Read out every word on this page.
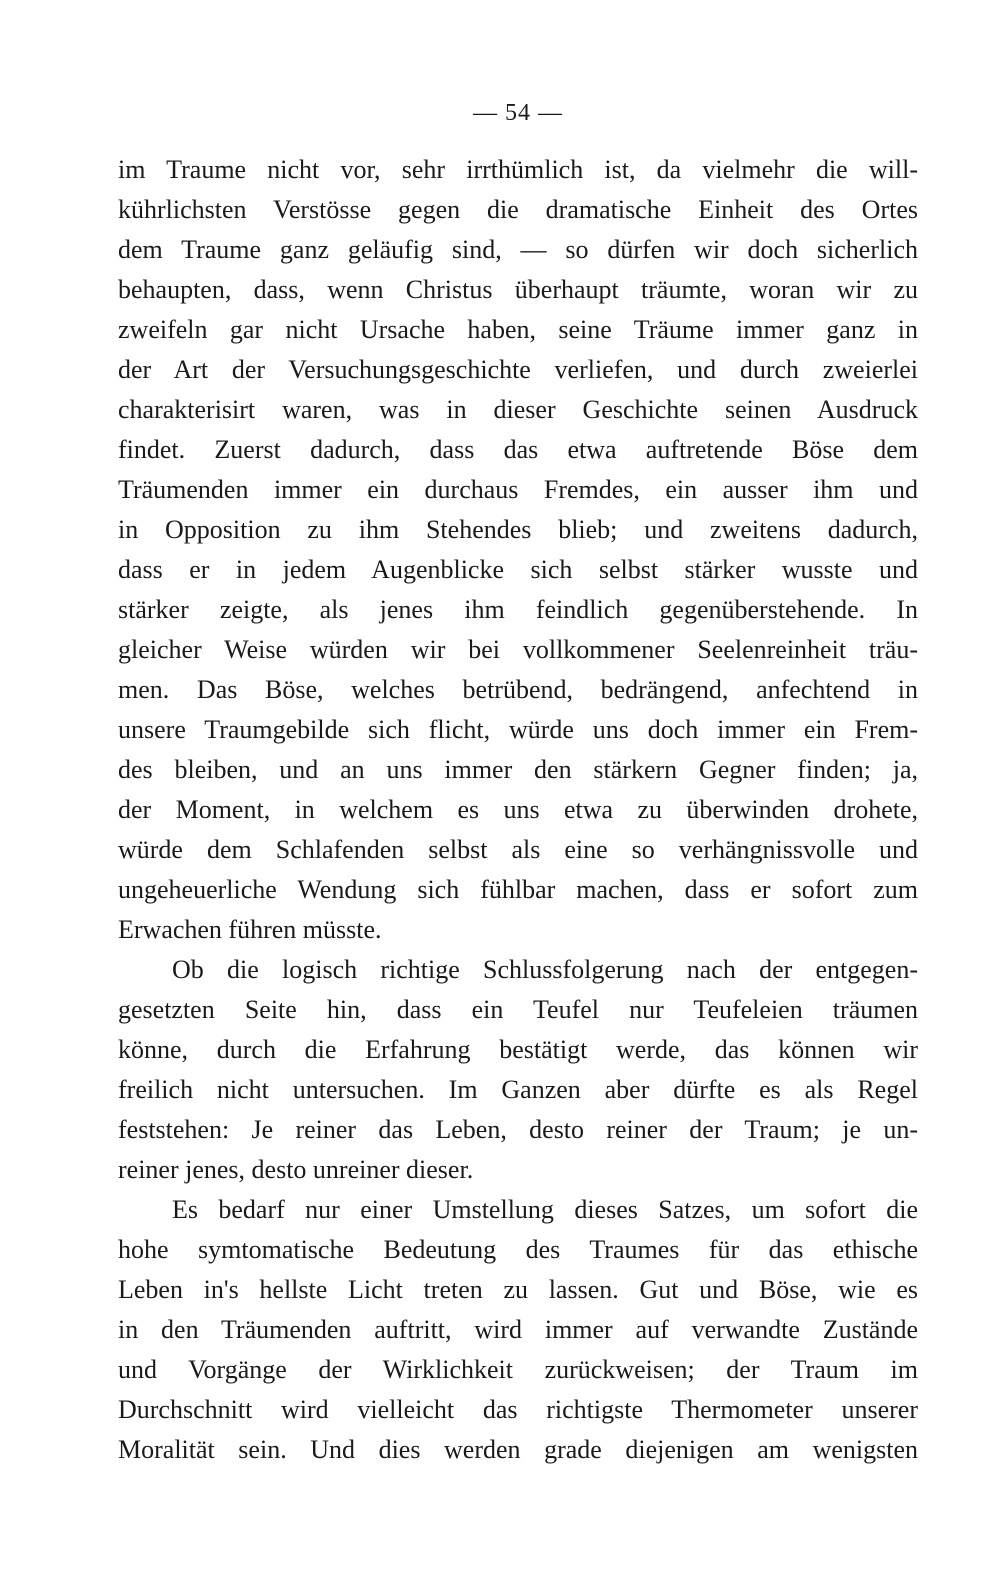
— 54 —
im Traume nicht vor, sehr irrthümlich ist, da vielmehr die will-
kührlichsten Verstösse gegen die dramatische Einheit des Ortes
dem Traume ganz geläufig sind, — so dürfen wir doch sicherlich
behaupten, dass, wenn Christus überhaupt träumte, woran wir zu
zweifeln gar nicht Ursache haben, seine Träume immer ganz in
der Art der Versuchungsgeschichte verliefen, und durch zweierlei
charakterisirt waren, was in dieser Geschichte seinen Ausdruck
findet. Zuerst dadurch, dass das etwa auftretende Böse dem
Träumenden immer ein durchaus Fremdes, ein ausser ihm und
in Opposition zu ihm Stehendes blieb; und zweitens dadurch,
dass er in jedem Augenblicke sich selbst stärker wusste und
stärker zeigte, als jenes ihm feindlich gegenüberstehende. In
gleicher Weise würden wir bei vollkommener Seelenreinheit träu-
men. Das Böse, welches betrübend, bedrängend, anfechtend in
unsere Traumgebilde sich flicht, würde uns doch immer ein Frem-
des bleiben, und an uns immer den stärkern Gegner finden; ja,
der Moment, in welchem es uns etwa zu überwinden drohete,
würde dem Schlafenden selbst als eine so verhängnissvolle und
ungeheuerliche Wendung sich fühlbar machen, dass er sofort zum
Erwachen führen müsste.
Ob die logisch richtige Schlussfolgerung nach der entgegen-
gesetzten Seite hin, dass ein Teufel nur Teufeleien träumen
könne, durch die Erfahrung bestätigt werde, das können wir
freilich nicht untersuchen. Im Ganzen aber dürfte es als Regel
feststehen: Je reiner das Leben, desto reiner der Traum; je un-
reiner jenes, desto unreiner dieser.
Es bedarf nur einer Umstellung dieses Satzes, um sofort die
hohe symtomatische Bedeutung des Traumes für das ethische
Leben in's hellste Licht treten zu lassen. Gut und Böse, wie es
in den Träumenden auftritt, wird immer auf verwandte Zustände
und Vorgänge der Wirklichkeit zurückweisen; der Traum im
Durchschnitt wird vielleicht das richtigste Thermometer unserer
Moralität sein. Und dies werden grade diejenigen am wenigsten
